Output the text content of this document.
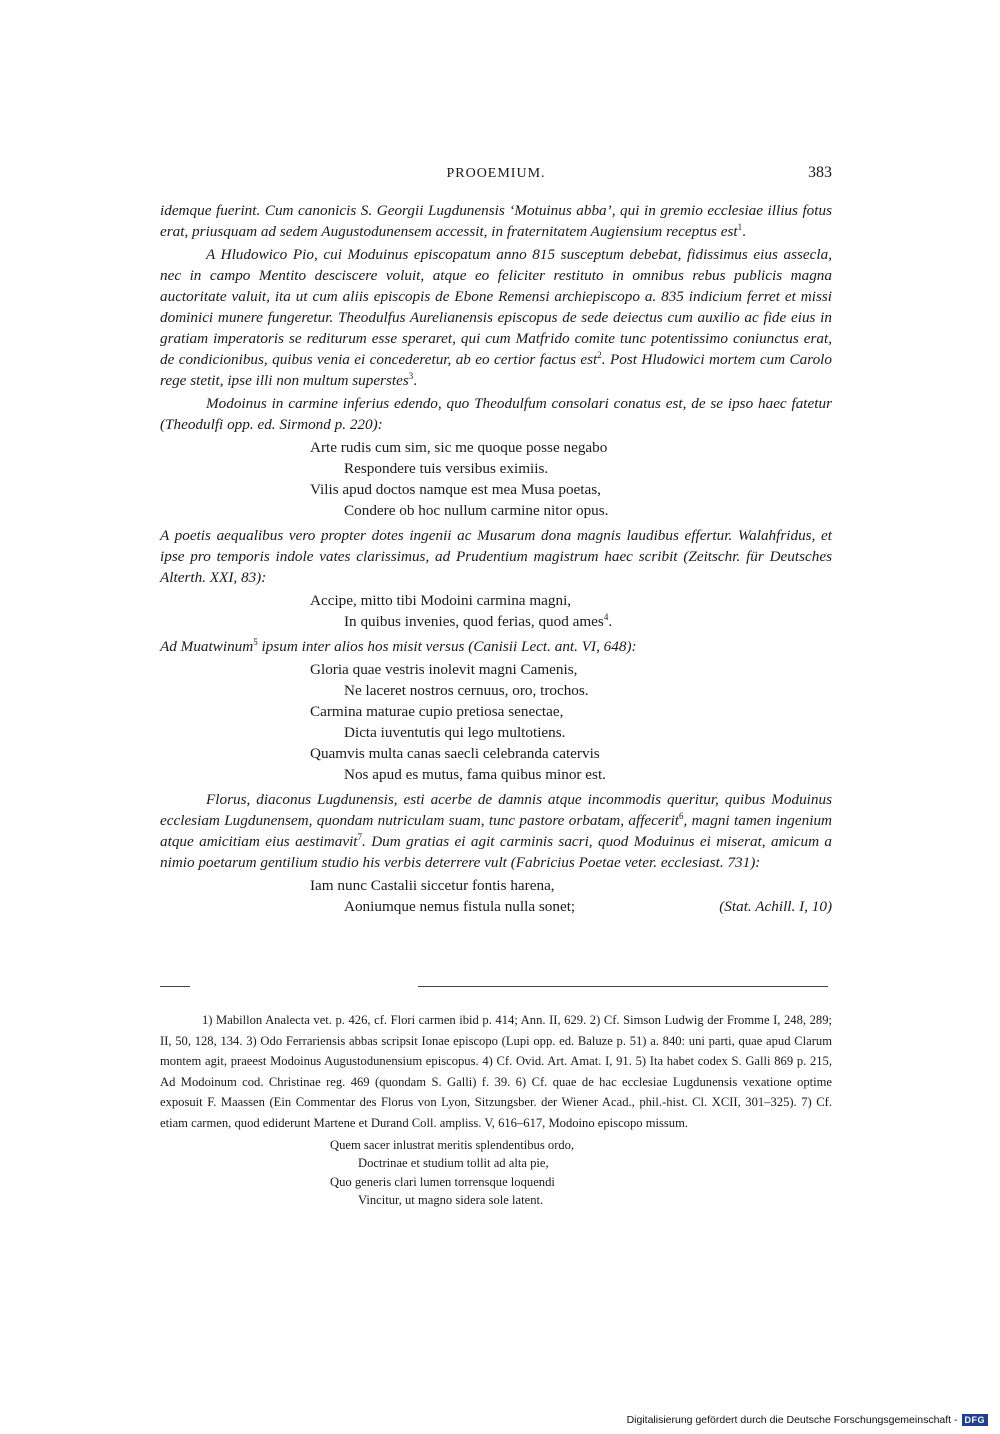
PROOEMIUM.	383

idemque fuerint. Cum canonicis S. Georgii Lugdunensis ‘Motuinus abba’, qui in gremio ecclesiae illius fotus erat, priusquam ad sedem Augustodunensem accessit, in fraternitatem Augiensium receptus est$^1$.

A Hludowico Pio, cui Moduinus episcopatum anno 815 susceptum debebat, fidissimus eius assecla, nec in campo Mentito desciscere voluit, atque eo feliciter restituto in omnibus rebus publicis magna auctoritate valuit, ita ut cum aliis episcopis de Ebone Remensi archiepiscopo a. 835 indicium ferret et missi dominici munere fungeretur. Theodulfus Aurelianensis episcopus de sede deiectus cum auxilio ac fide eius in gratiam imperatoris se rediturum esse speraret, qui cum Matfrido comite tunc potentissimo coniunctus erat, de condicionibus, quibus venia ei concederetur, ab eo certior factus est$^2$. Post Hludowici mortem cum Carolo rege stetit, ipse illi non multum superstes$^3$.

Modoinus in carmine inferius edendo, quo Theodulfum consolari conatus est, de se ipso haec fatetur (Theodulfi opp. ed. Sirmond p. 220):

Arte rudis cum sim, sic me quoque posse negabo
Respondere tuis versibus eximiis.
Vilis apud doctos namque est mea Musa poetas,
Condere ob hoc nullum carmine nitor opus.

A poetis aequalibus vero propter dotes ingenii ac Musarum dona magnis laudibus effertur. Walahfridus, et ipse pro temporis indole vates clarissimus, ad Prudentium magistrum haec scribit (Zeitschr. für Deutsches Alterth. XXI, 83):

Accipe, mitto tibi Modoini carmina magni,
In quibus invenies, quod ferias, quod ames$^4$.

Ad Muatwinum$^5$ ipsum inter alios hos misit versus (Canisii Lect. ant. VI, 648):

Gloria quae vestris inolevit magni Camenis,
Ne laceret nostros cernuus, oro, trochos.
Carmina maturae cupio pretiosa senectae,
Dicta iuventutis qui lego multotiens.
Quamvis multa canas saecli celebranda catervis
Nos apud es mutus, fama quibus minor est.

Florus, diaconus Lugdunensis, esti acerbe de damnis atque incommodis queritur, quibus Moduinus ecclesiam Lugdunensem, quondam nutriculam suam, tunc pastore orbatam, affecerit$^6$, magni tamen ingenium atque amicitiam eius aestimavit$^7$. Dum gratias ei agit carminis sacri, quod Moduinus ei miserat, amicum a nimio poetarum gentilium studio his verbis deterrere vult (Fabricius Poetae veter. ecclesiast. 731):

Iam nunc Castalii siccetur fontis harena,
Aoniumque nemus fistula nulla sonet;	(Stat. Achill. I, 10)

1) Mabillon Analecta vet. p. 426, cf. Flori carmen ibid p. 414; Ann. II, 629. 2) Cf. Simson Ludwig der Fromme I, 248, 289; II, 50, 128, 134. 3) Odo Ferrariensis abbas scripsit Ionae episcopo (Lupi opp. ed. Baluze p. 51) a. 840: uni parti, quae apud Clarum montem agit, praeest Modoinus Augustodunensium episcopus. 4) Cf. Ovid. Art. Amat. I, 91. 5) Ita habet codex S. Galli 869 p. 215, Ad Modoinum cod. Christinae reg. 469 (quondam S. Galli) f. 39. 6) Cf. quae de hac ecclesiae Lugdunensis vexatione optime exposuit F. Maassen (Ein Commentar des Florus von Lyon, Sitzungsber. der Wiener Acad., phil.-hist. Cl. XCII, 301–325). 7) Cf. etiam carmen, quod ediderunt Martene et Durand Coll. ampliss. V, 616–617, Modoino episcopo missum.

Quem sacer inlustrat meritis splendentibus ordo,
Doctrinae et studium tollit ad alta pie,
Quo generis clari lumen torrensque loquendi
Vincitur, ut magno sidera sole latent.
Digitalisierung gefördert durch die Deutsche Forschungsgemeinschaft - DFG
